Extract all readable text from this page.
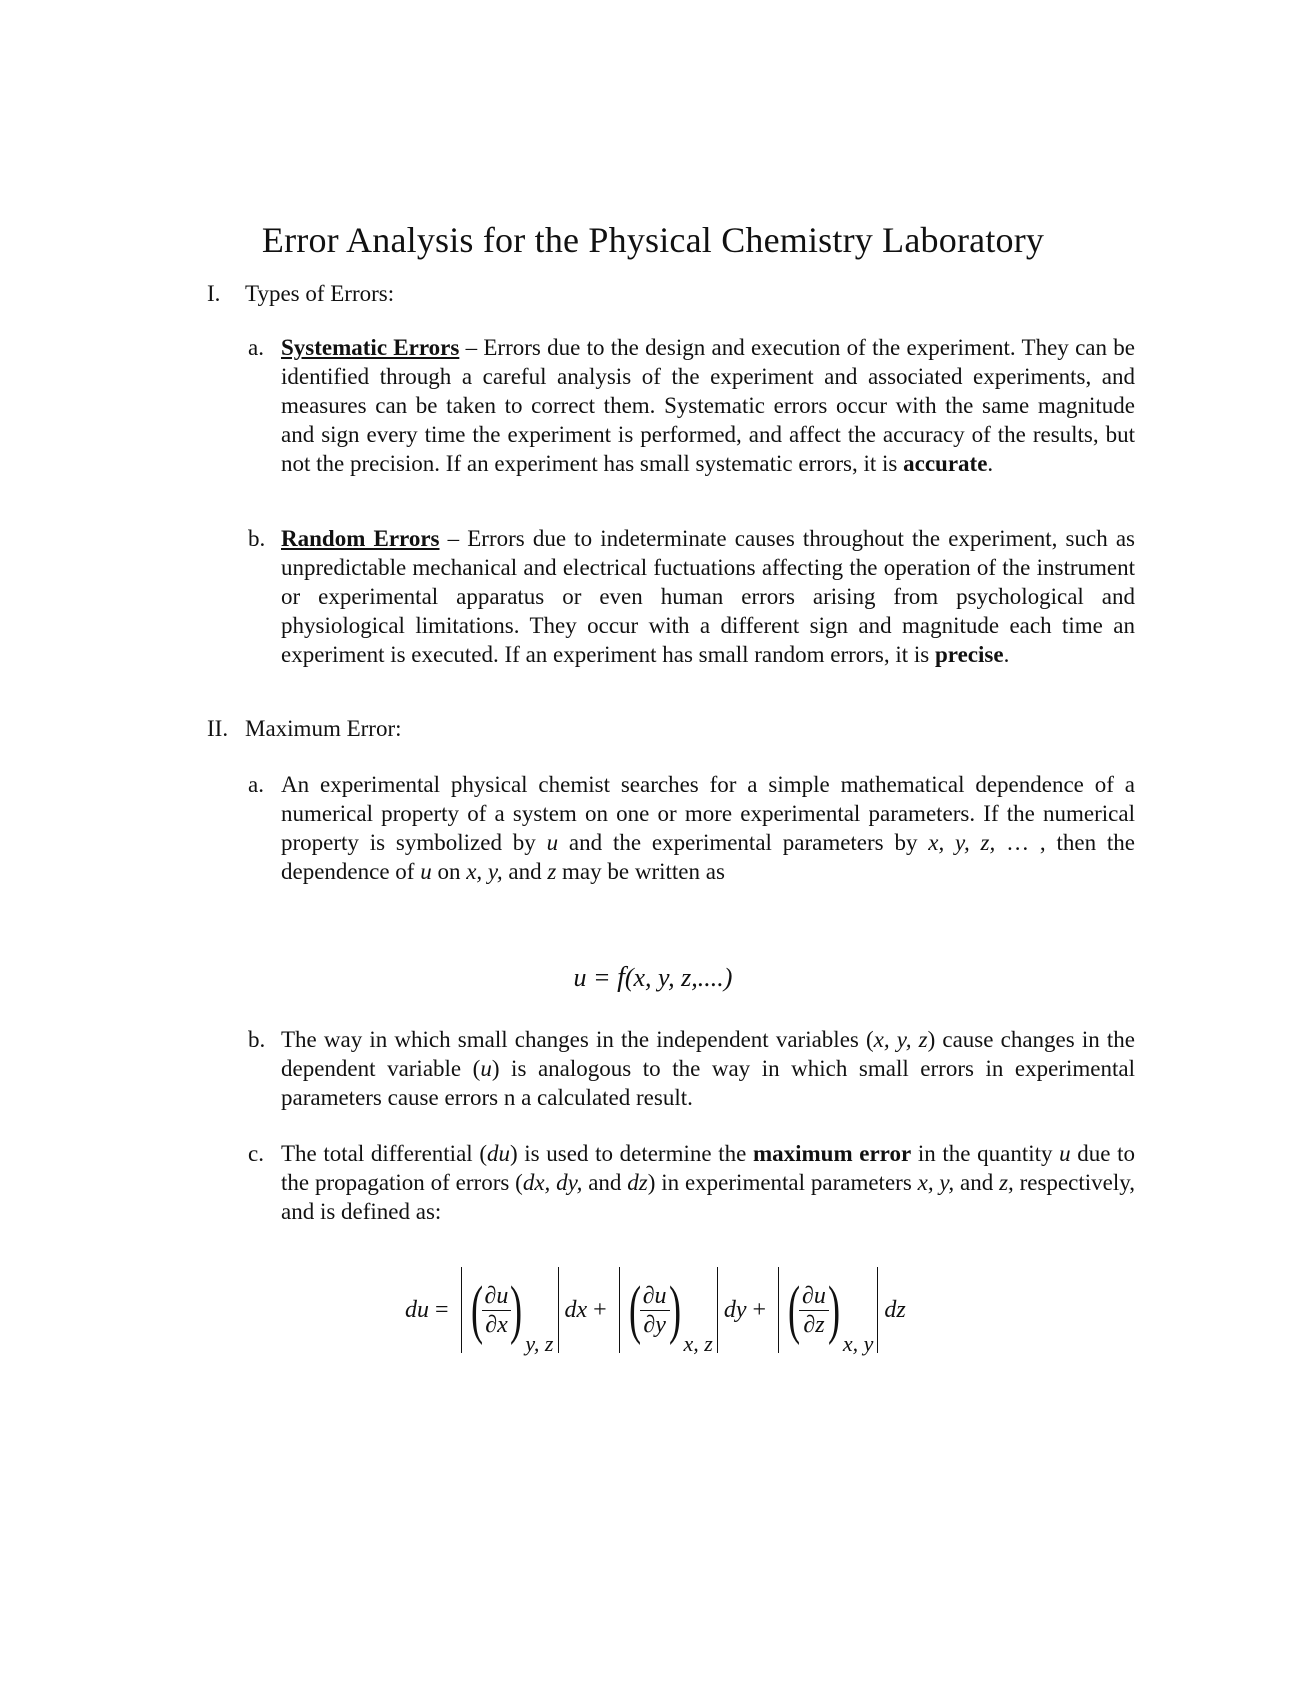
Error Analysis for the Physical Chemistry Laboratory
I. Types of Errors:
a. Systematic Errors – Errors due to the design and execution of the experiment. They can be identified through a careful analysis of the experiment and associated experiments, and measures can be taken to correct them. Systematic errors occur with the same magnitude and sign every time the experiment is performed, and affect the accuracy of the results, but not the precision. If an experiment has small systematic errors, it is accurate.
b. Random Errors – Errors due to indeterminate causes throughout the experiment, such as unpredictable mechanical and electrical fuctuations affecting the operation of the instrument or experimental apparatus or even human errors arising from psychological and physiological limitations. They occur with a different sign and magnitude each time an experiment is executed. If an experiment has small random errors, it is precise.
II. Maximum Error:
a. An experimental physical chemist searches for a simple mathematical dependence of a numerical property of a system on one or more experimental parameters. If the numerical property is symbolized by u and the experimental parameters by x, y, z, … , then the dependence of u on x, y, and z may be written as
u = f(x, y, z,....)
b. The way in which small changes in the independent variables (x, y, z) cause changes in the dependent variable (u) is analogous to the way in which small errors in experimental parameters cause errors n a calculated result.
c. The total differential (du) is used to determine the maximum error in the quantity u due to the propagation of errors (dx, dy, and dz) in experimental parameters x, y, and z, respectively, and is defined as:
du = (
$\frac{\partial u}{\partial x}$
) y, z
dx + (
$\frac{\partial u}{\partial y}$
) x, z
dy + (
$\frac{\partial u}{\partial z}$
) x, y
dz
